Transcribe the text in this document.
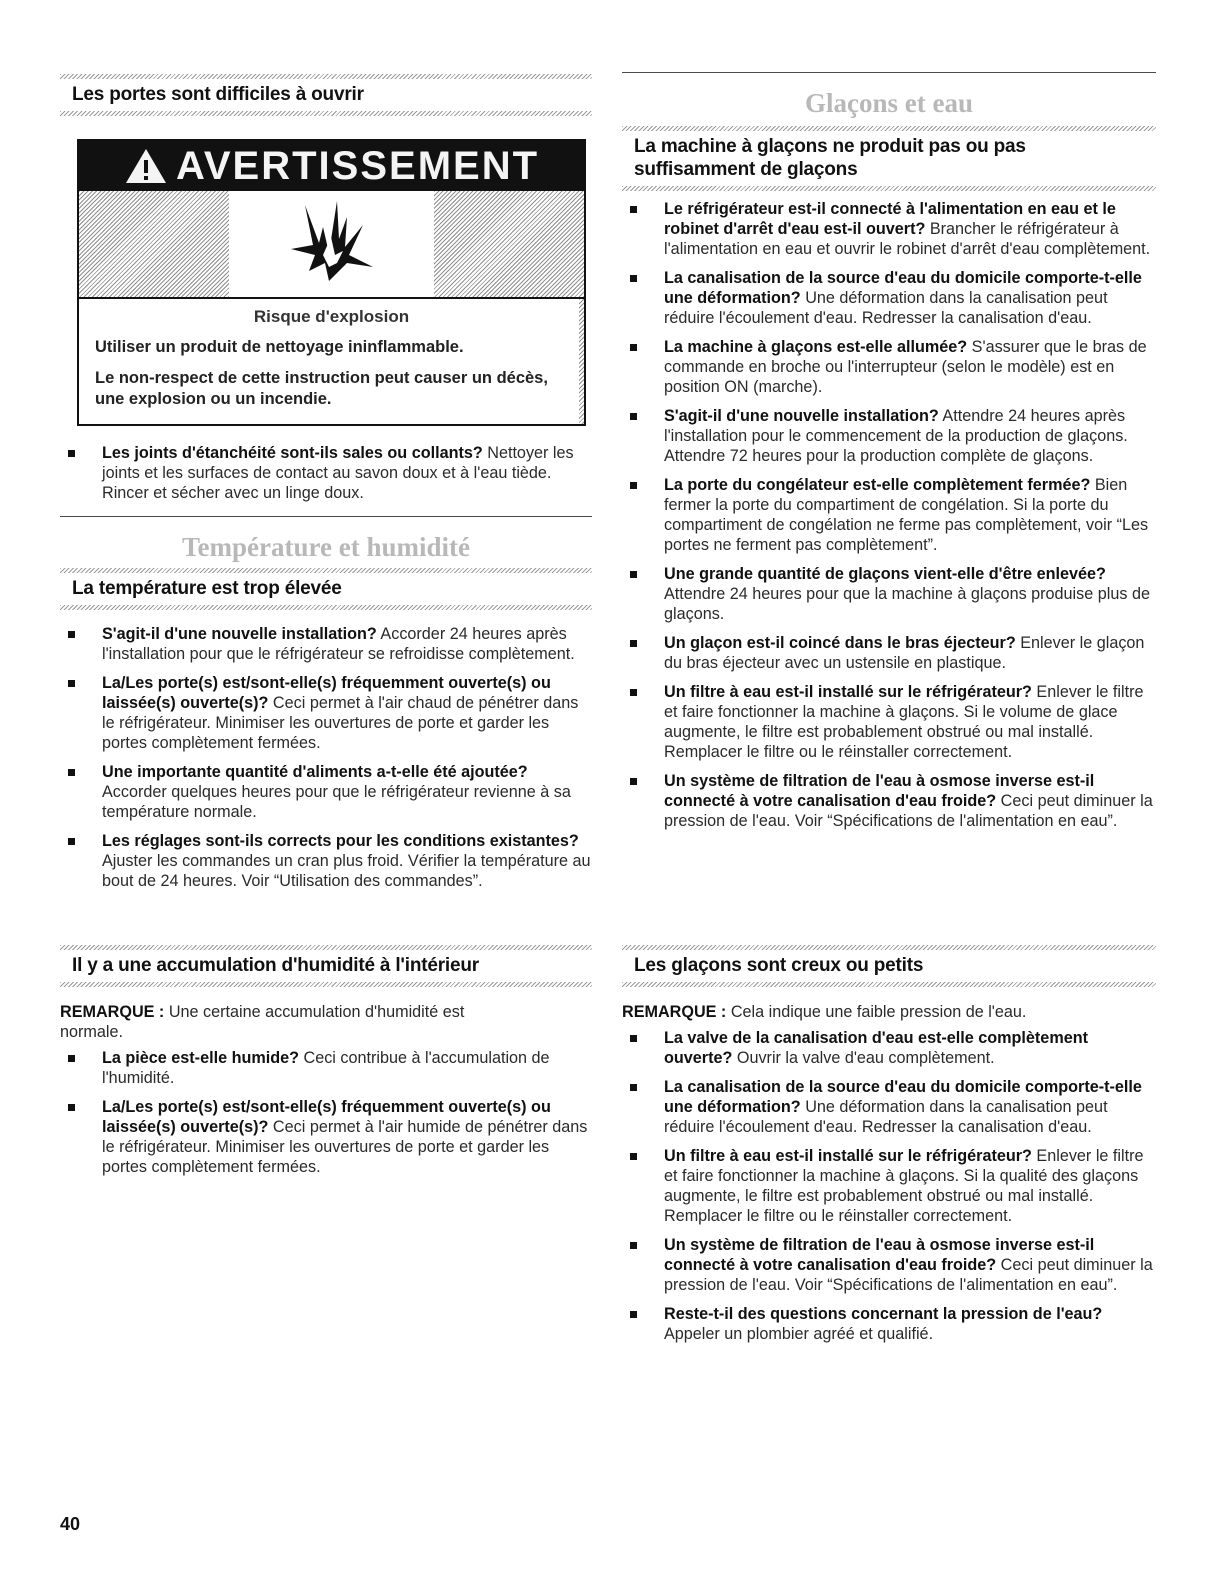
Les portes sont difficiles à ouvrir
Les joints d'étanchéité sont-ils sales ou collants? Nettoyer les joints et les surfaces de contact au savon doux et à l'eau tiède. Rincer et sécher avec un linge doux.
Température et humidité
La température est trop élevée
S'agit-il d'une nouvelle installation? Accorder 24 heures après l'installation pour que le réfrigérateur se refroidisse complètement.
La/Les porte(s) est/sont-elle(s) fréquemment ouverte(s) ou laissée(s) ouverte(s)? Ceci permet à l'air chaud de pénétrer dans le réfrigérateur. Minimiser les ouvertures de porte et garder les portes complètement fermées.
Une importante quantité d'aliments a-t-elle été ajoutée? Accorder quelques heures pour que le réfrigérateur revienne à sa température normale.
Les réglages sont-ils corrects pour les conditions existantes? Ajuster les commandes un cran plus froid. Vérifier la température au bout de 24 heures. Voir “Utilisation des commandes”.
Il y a une accumulation d'humidité à l'intérieur

REMARQUE : Une certaine accumulation d'humidité est normale.

La pièce est-elle humide? Ceci contribue à l'accumulation de l'humidité.
La/Les porte(s) est/sont-elle(s) fréquemment ouverte(s) ou laissée(s) ouverte(s)? Ceci permet à l'air humide de pénétrer dans le réfrigérateur. Minimiser les ouvertures de porte et garder les portes complètement fermées.
AVERTISSEMENT
Risque d'explosion

Utiliser un produit de nettoyage ininflammable.

Le non-respect de cette instruction peut causer un décès, une explosion ou un incendie.

Glaçons et eau
La machine à glaçons ne produit pas ou pas suffisamment de glaçons
Le réfrigérateur est-il connecté à l'alimentation en eau et le robinet d'arrêt d'eau est-il ouvert? Brancher le réfrigérateur à l'alimentation en eau et ouvrir le robinet d'arrêt d'eau complètement.
La canalisation de la source d'eau du domicile comporte-t-elle une déformation? Une déformation dans la canalisation peut réduire l'écoulement d'eau. Redresser la canalisation d'eau.
La machine à glaçons est-elle allumée? S'assurer que le bras de commande en broche ou l'interrupteur (selon le modèle) est en position ON (marche).
S'agit-il d'une nouvelle installation? Attendre 24 heures après l'installation pour le commencement de la production de glaçons. Attendre 72 heures pour la production complète de glaçons.
La porte du congélateur est-elle complètement fermée? Bien fermer la porte du compartiment de congélation. Si la porte du compartiment de congélation ne ferme pas complètement, voir “Les portes ne ferment pas complètement”.
Une grande quantité de glaçons vient-elle d'être enlevée? Attendre 24 heures pour que la machine à glaçons produise plus de glaçons.
Un glaçon est-il coincé dans le bras éjecteur? Enlever le glaçon du bras éjecteur avec un ustensile en plastique.
Un filtre à eau est-il installé sur le réfrigérateur? Enlever le filtre et faire fonctionner la machine à glaçons. Si le volume de glace augmente, le filtre est probablement obstrué ou mal installé. Remplacer le filtre ou le réinstaller correctement.
Un système de filtration de l'eau à osmose inverse est-il connecté à votre canalisation d'eau froide? Ceci peut diminuer la pression de l'eau. Voir “Spécifications de l'alimentation en eau”.
Les glaçons sont creux ou petits

REMARQUE : Cela indique une faible pression de l'eau.

La valve de la canalisation d'eau est-elle complètement ouverte? Ouvrir la valve d'eau complètement.
La canalisation de la source d'eau du domicile comporte-t-elle une déformation? Une déformation dans la canalisation peut réduire l'écoulement d'eau. Redresser la canalisation d'eau.
Un filtre à eau est-il installé sur le réfrigérateur? Enlever le filtre et faire fonctionner la machine à glaçons. Si la qualité des glaçons augmente, le filtre est probablement obstrué ou mal installé. Remplacer le filtre ou le réinstaller correctement.
Un système de filtration de l'eau à osmose inverse est-il connecté à votre canalisation d'eau froide? Ceci peut diminuer la pression de l'eau. Voir “Spécifications de l'alimentation en eau”.
Reste-t-il des questions concernant la pression de l'eau? Appeler un plombier agréé et qualifié.
40
